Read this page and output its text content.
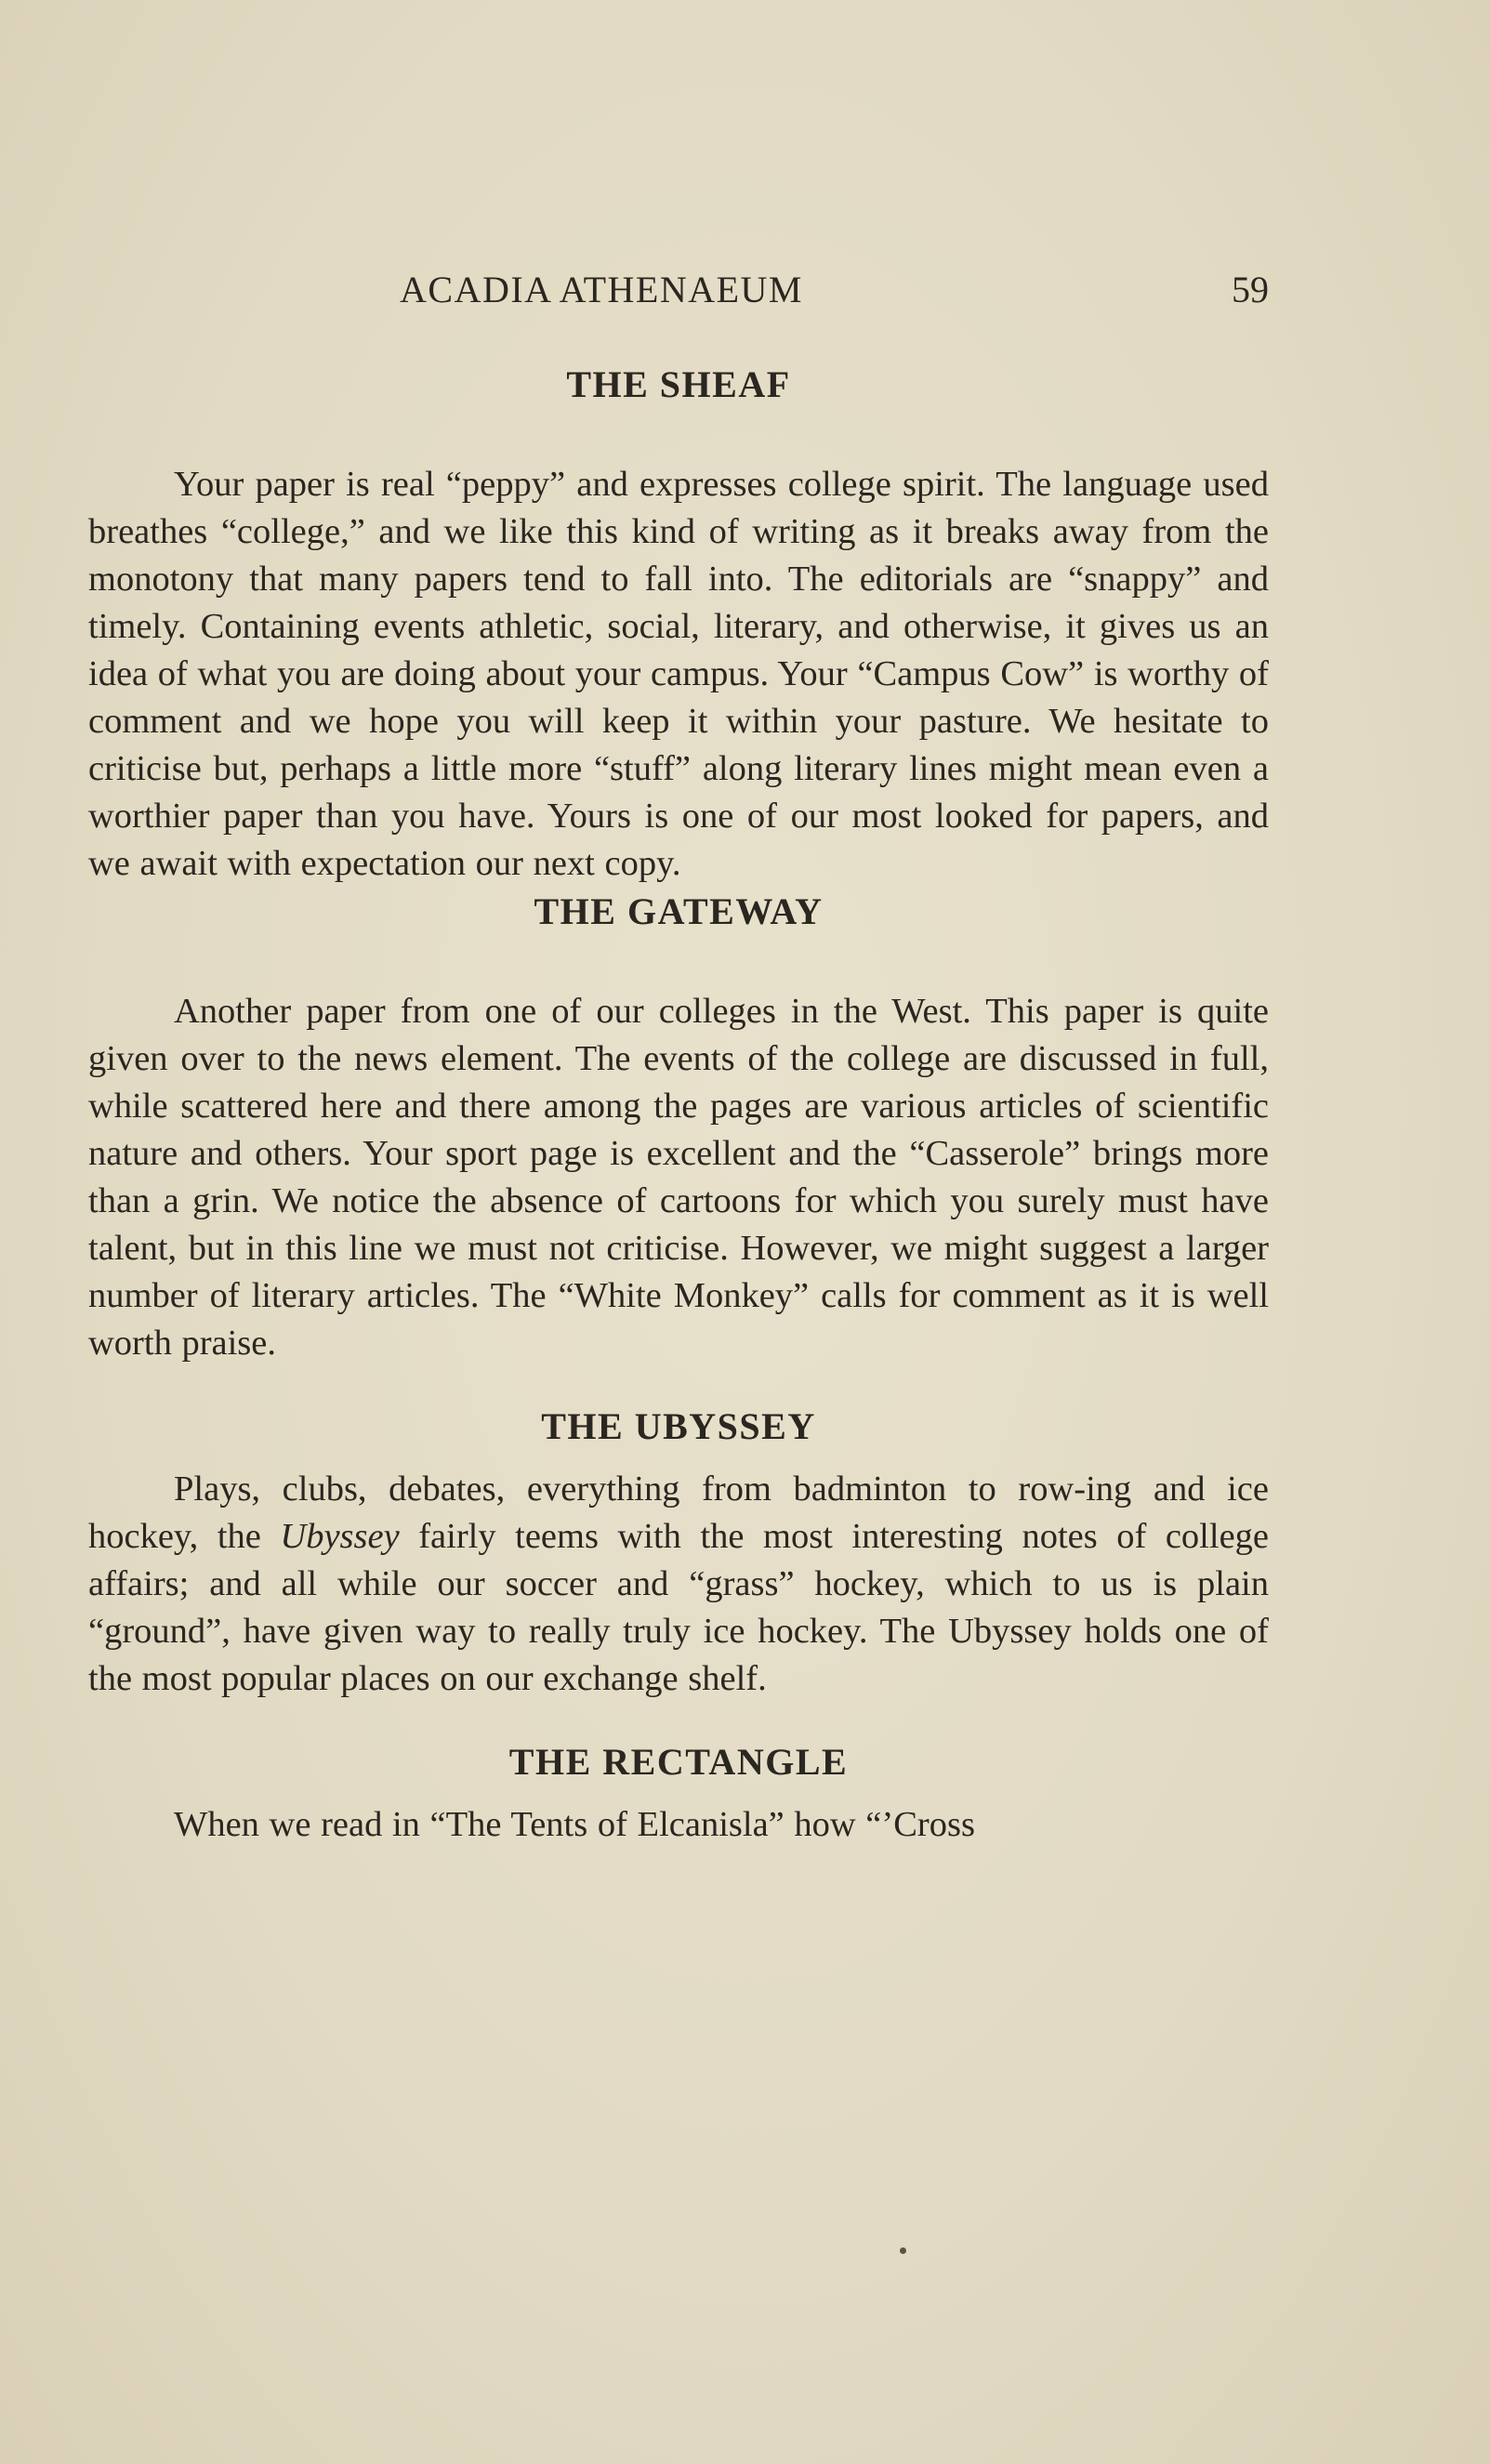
ACADIA ATHENAEUM	59
THE SHEAF

Your paper is real “peppy” and expresses college spirit. The language used breathes “college,” and we like this kind of writing as it breaks away from the monotony that many papers tend to fall into. The editorials are “snappy” and timely. Containing events athletic, social, literary, and otherwise, it gives us an idea of what you are doing about your campus. Your “Campus Cow” is worthy of comment and we hope you will keep it within your pasture. We hesitate to criticise but, perhaps a little more “stuff” along literary lines might mean even a worthier paper than you have. Yours is one of our most looked for papers, and we await with expectation our next copy.

THE GATEWAY

Another paper from one of our colleges in the West. This paper is quite given over to the news element. The events of the college are discussed in full, while scattered here and there among the pages are various articles of scientific nature and others. Your sport page is excellent and the “Casserole” brings more than a grin. We notice the absence of cartoons for which you surely must have talent, but in this line we must not criticise. However, we might suggest a larger number of literary articles. The “White Monkey” calls for comment as it is well worth praise.

THE UBYSSEY

Plays, clubs, debates, everything from badminton to row-ing and ice hockey, the Ubyssey fairly teems with the most interesting notes of college affairs; and all while our soccer and “grass” hockey, which to us is plain “ground”, have given way to really truly ice hockey. The Ubyssey holds one of the most popular places on our exchange shelf.

THE RECTANGLE

When we read in “The Tents of Elcanisla” how “’Cross
